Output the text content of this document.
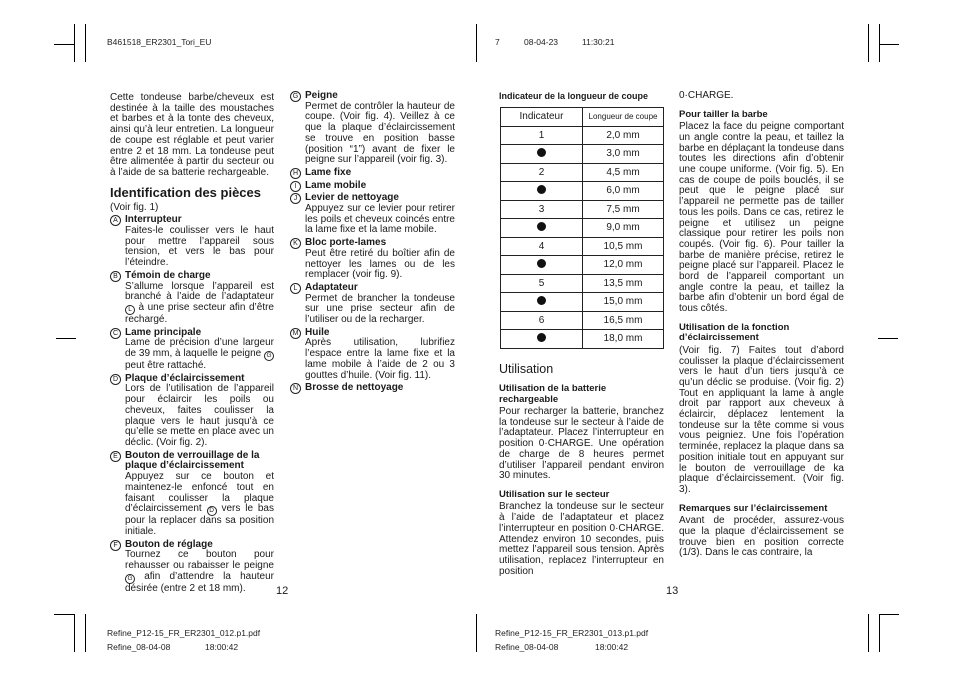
B461518_ER2301_Tori_EU	7	08-04-23	11:30:21

Cette tondeuse barbe/cheveux est destinée à la taille des moustaches et barbes et à la tonte des cheveux, ainsi qu’à leur entretien. La longueur de coupe est réglable et peut varier entre 2 et 18 mm. La tondeuse peut être alimentée à partir du secteur ou à l’aide de sa batterie rechargeable.

Identification des pièces

(Voir fig. 1)

A Interrupteur

Faites-le coulisser vers le haut pour mettre l’appareil sous tension, et vers le bas pour l’éteindre.

B Témoin de charge

S’allume lorsque l’appareil est branché à l’aide de l’adaptateur L à une prise secteur afin d’être rechargé.

C Lame principale

Lame de précision d’une largeur de 39 mm, à laquelle le peigne G peut être rattaché.

D Plaque d’éclaircissement

Lors de l’utilisation de l’appareil pour éclaircir les poils ou cheveux, faites coulisser la plaque vers le haut jusqu’à ce qu’elle se mette en place avec un déclic. (Voir fig. 2).

E Bouton de verrouillage de la plaque d’éclaircissement

Appuyez sur ce bouton et maintenez-le enfoncé tout en faisant coulisser la plaque d’éclaircissement D vers le bas pour la replacer dans sa position initiale.

F Bouton de réglage

Tournez ce bouton pour rehausser ou rabaisser le peigne G afin d’attendre la hauteur désirée (entre 2 et 18 mm).

G Peigne

Permet de contrôler la hauteur de coupe. (Voir fig. 4). Veillez à ce que la plaque d’éclaircissement se trouve en position basse (position “1”) avant de fixer le peigne sur l’appareil (voir fig. 3).

H Lame fixe
I Lame mobile
J Levier de nettoyage

Appuyez sur ce levier pour retirer les poils et cheveux coincés entre la lame fixe et la lame mobile.

K Bloc porte-lames

Peut être retiré du boîtier afin de nettoyer les lames ou de les remplacer (voir fig. 9).

L Adaptateur

Permet de brancher la tondeuse sur une prise secteur afin de l’utiliser ou de la recharger.

M Huile

Après utilisation, lubrifiez l’espace entre la lame fixe et la lame mobile à l’aide de 2 ou 3 gouttes d’huile. (Voir fig. 11).

N Brosse de nettoyage
12
Indicateur de la longueur de coupe
Indicateur	Longueur de coupe
1	2,0 mm
	3,0 mm
2	4,5 mm
	6,0 mm
3	7,5 mm
	9,0 mm
4	10,5 mm
	12,0 mm
5	13,5 mm
	15,0 mm
6	16,5 mm
	18,0 mm
Utilisation
Utilisation de la batterie rechargeable

Pour recharger la batterie, branchez la tondeuse sur le secteur à l’aide de l’adaptateur. Placez l’interrupteur en position 0·CHARGE. Une opération de charge de 8 heures permet d’utiliser l’appareil pendant environ 30 minutes.

Utilisation sur le secteur

Branchez la tondeuse sur le secteur à l’aide de l’adaptateur et placez l’interrupteur en position 0·CHARGE. Attendez environ 10 secondes, puis mettez l’appareil sous tension. Après utilisation, replacez l’interrupteur en position

0·CHARGE.

Pour tailler la barbe

Placez la face du peigne comportant un angle contre la peau, et taillez la barbe en déplaçant la tondeuse dans toutes les directions afin d’obtenir une coupe uniforme. (Voir fig. 5). En cas de coupe de poils bouclés, il se peut que le peigne placé sur l’appareil ne permette pas de tailler tous les poils. Dans ce cas, retirez le peigne et utilisez un peigne classique pour retirer les poils non coupés. (Voir fig. 6). Pour tailler la barbe de manière précise, retirez le peigne placé sur l’appareil. Placez le bord de l’appareil comportant un angle contre la peau, et taillez la barbe afin d’obtenir un bord égal de tous côtés.

Utilisation de la fonction d’éclaircissement

(Voir fig. 7) Faites tout d’abord coulisser la plaque d’éclaircissement vers le haut d’un tiers jusqu’à ce qu’un déclic se produise. (Voir fig. 2) Tout en appliquant la lame à angle droit par rapport aux cheveux à éclaircir, déplacez lentement la tondeuse sur la tête comme si vous vous peigniez. Une fois l’opération terminée, replacez la plaque dans sa position initiale tout en appuyant sur le bouton de verrouillage de ka plaque d’éclaircissement. (Voir fig. 3).

Remarques sur l’éclaircissement

Avant de procéder, assurez-vous que la plaque d’éclaircissement se trouve bien en position correcte (1/3). Dans le cas contraire, la

13
Refine_P12-15_FR_ER2301_012.p1.pdf
Refine_08-04-08	18:00:42
Refine_P12-15_FR_ER2301_013.p1.pdf
Refine_08-04-08	18:00:42
